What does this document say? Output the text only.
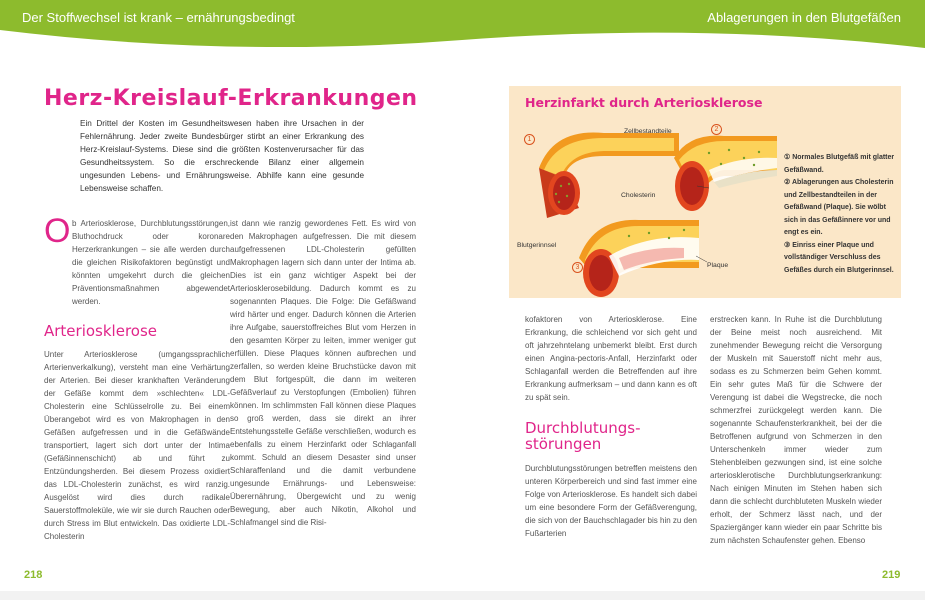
Der Stoffwechsel ist krank – ernährungsbedingt	Ablagerungen in den Blutgefäßen
Herz-Kreislauf-Erkrankungen
Ein Drittel der Kosten im Gesundheitswesen haben ihre Ursachen in der Fehlernährung. Jeder zweite Bundesbürger stirbt an einer Erkrankung des Herz-Kreislauf-Systems. Diese sind die größten Kostenverursacher für das Gesundheitssystem. So die erschreckende Bilanz einer allgemein ungesunden Lebens- und Ernährungsweise. Abhilfe kann eine gesunde Lebensweise schaffen.
O b Arteriosklerose, Durchblutungsstörungen, Bluthochdruck oder koronare Herzerkrankungen – sie alle werden durch die gleichen Risikofaktoren begünstigt und könnten umgekehrt durch die gleichen Präventionsmaßnahmen abgewendet werden.
Arteriosklerose
Unter Arteriosklerose (umgangssprachlich Arterienverkalkung), versteht man eine Verhärtung der Arterien. Bei dieser krankhaften Veränderung der Gefäße kommt dem »schlechten« LDL-Cholesterin eine Schlüsselrolle zu. Bei einem Überangebot wird es von Makrophagen in den Gefäßen aufgefressen und in die Gefäßwände transportiert, lagert sich dort unter der Intima (Gefäßinnenschicht) ab und führt zu Entzündungsherden. Bei diesem Prozess oxidiert das LDL-Cholesterin zunächst, es wird ranzig. Ausgelöst wird dies durch radikale Sauerstoffmoleküle, wie wir sie durch Rauchen oder durch Stress im Blut entwickeln. Das oxidierte LDL-Cholesterin
ist dann wie ranzig gewordenes Fett. Es wird von den Makrophagen aufgefressen. Die mit diesem aufgefressenen LDL-Cholesterin gefüllten Makrophagen lagern sich dann unter der Intima ab. Dies ist ein ganz wichtiger Aspekt bei der Arteriosklerosebildung. Dadurch kommt es zu sogenannten Plaques. Die Folge: Die Gefäßwand wird härter und enger. Dadurch können die Arterien ihre Aufgabe, sauerstoffreiches Blut vom Herzen in den gesamten Körper zu leiten, immer weniger gut erfüllen. Diese Plaques können aufbrechen und zerfallen, so werden kleine Bruchstücke davon mit dem Blut fortgespült, die dann im weiteren Gefäßverlauf zu Verstopfungen (Embolien) führen können. Im schlimmsten Fall können diese Plaques so groß werden, dass sie direkt an ihrer Entstehungsstelle Gefäße verschließen, wodurch es ebenfalls zu einem Herzinfarkt oder Schlaganfall kommt. Schuld an diesem Desaster sind unser Schlaraffenland und die damit verbundene ungesunde Ernährungs- und Lebensweise: Überernährung, Übergewicht und zu wenig Bewegung, aber auch Nikotin, Alkohol und Schlafmangel sind die Risi-
218
Herzinfarkt durch Arteriosklerose
Zellbestandteile
Cholesterin
Blutgerinnsel
Plaque
1
2
3
① Normales Blutgefäß mit glatter Gefäßwand.
② Ablagerungen aus Cholesterin und Zellbestandteilen in der Gefäßwand (Plaque). Sie wölbt sich in das Gefäßinnere vor und engt es ein.
③ Einriss einer Plaque und vollständiger Verschluss des Gefäßes durch ein Blutgerinnsel.
kofaktoren von Arteriosklerose. Eine Erkrankung, die schleichend vor sich geht und oft jahrzehntelang unbemerkt bleibt. Erst durch einen Angina-pectoris-Anfall, Herzinfarkt oder Schlaganfall werden die Betreffenden auf ihre Erkrankung aufmerksam – und dann kann es oft zu spät sein.
Durchblutungs-
störungen
Durchblutungsstörungen betreffen meistens den unteren Körperbereich und sind fast immer eine Folge von Arteriosklerose. Es handelt sich dabei um eine besondere Form der Gefäßverengung, die sich von der Bauchschlagader bis hin zu den Fußarterien
erstrecken kann. In Ruhe ist die Durchblutung der Beine meist noch ausreichend. Mit zunehmender Bewegung reicht die Versorgung der Muskeln mit Sauerstoff nicht mehr aus, sodass es zu Schmerzen beim Gehen kommt. Ein sehr gutes Maß für die Schwere der Verengung ist dabei die Wegstrecke, die noch schmerzfrei zurückgelegt werden kann. Die sogenannte Schaufensterkrankheit, bei der die Betroffenen aufgrund von Schmerzen in den Unterschenkeln immer wieder zum Stehenbleiben gezwungen sind, ist eine solche arteriosklerotische Durchblutungserkrankung: Nach einigen Minuten im Stehen haben sich dann die schlecht durchbluteten Muskeln wieder erholt, der Schmerz lässt nach, und der Spaziergänger kann wieder ein paar Schritte bis zum nächsten Schaufenster gehen. Ebenso
219
